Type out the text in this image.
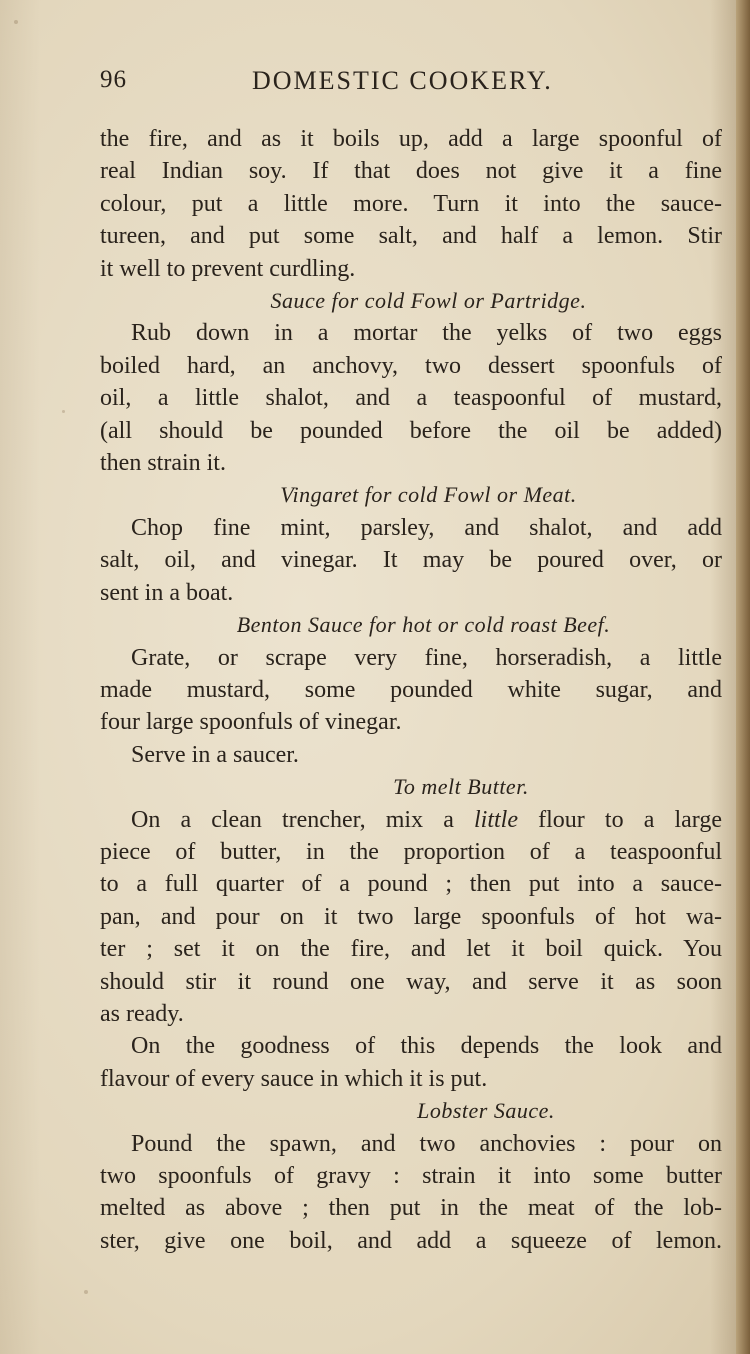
96	DOMESTIC COOKERY.
the fire, and as it boils up, add a large spoonful of
real Indian soy. If that does not give it a fine
colour, put a little more. Turn it into the sauce-
tureen, and put some salt, and half a lemon. Stir
it well to prevent curdling.
Sauce for cold Fowl or Partridge.
Rub down in a mortar the yelks of two eggs
boiled hard, an anchovy, two dessert spoonfuls of
oil, a little shalot, and a teaspoonful of mustard,
(all should be pounded before the oil be added)
then strain it.
Vingaret for cold Fowl or Meat.
Chop fine mint, parsley, and shalot, and add
salt, oil, and vinegar. It may be poured over, or
sent in a boat.
Benton Sauce for hot or cold roast Beef.
Grate, or scrape very fine, horseradish, a little
made mustard, some pounded white sugar, and
four large spoonfuls of vinegar.
Serve in a saucer.
To melt Butter.
On a clean trencher, mix a little flour to a large
piece of butter, in the proportion of a teaspoonful
to a full quarter of a pound ; then put into a sauce-
pan, and pour on it two large spoonfuls of hot wa-
ter ; set it on the fire, and let it boil quick. You
should stir it round one way, and serve it as soon
as ready.
On the goodness of this depends the look and
flavour of every sauce in which it is put.
Lobster Sauce.
Pound the spawn, and two anchovies : pour on
two spoonfuls of gravy : strain it into some butter
melted as above ; then put in the meat of the lob-
ster, give one boil, and add a squeeze of lemon.
